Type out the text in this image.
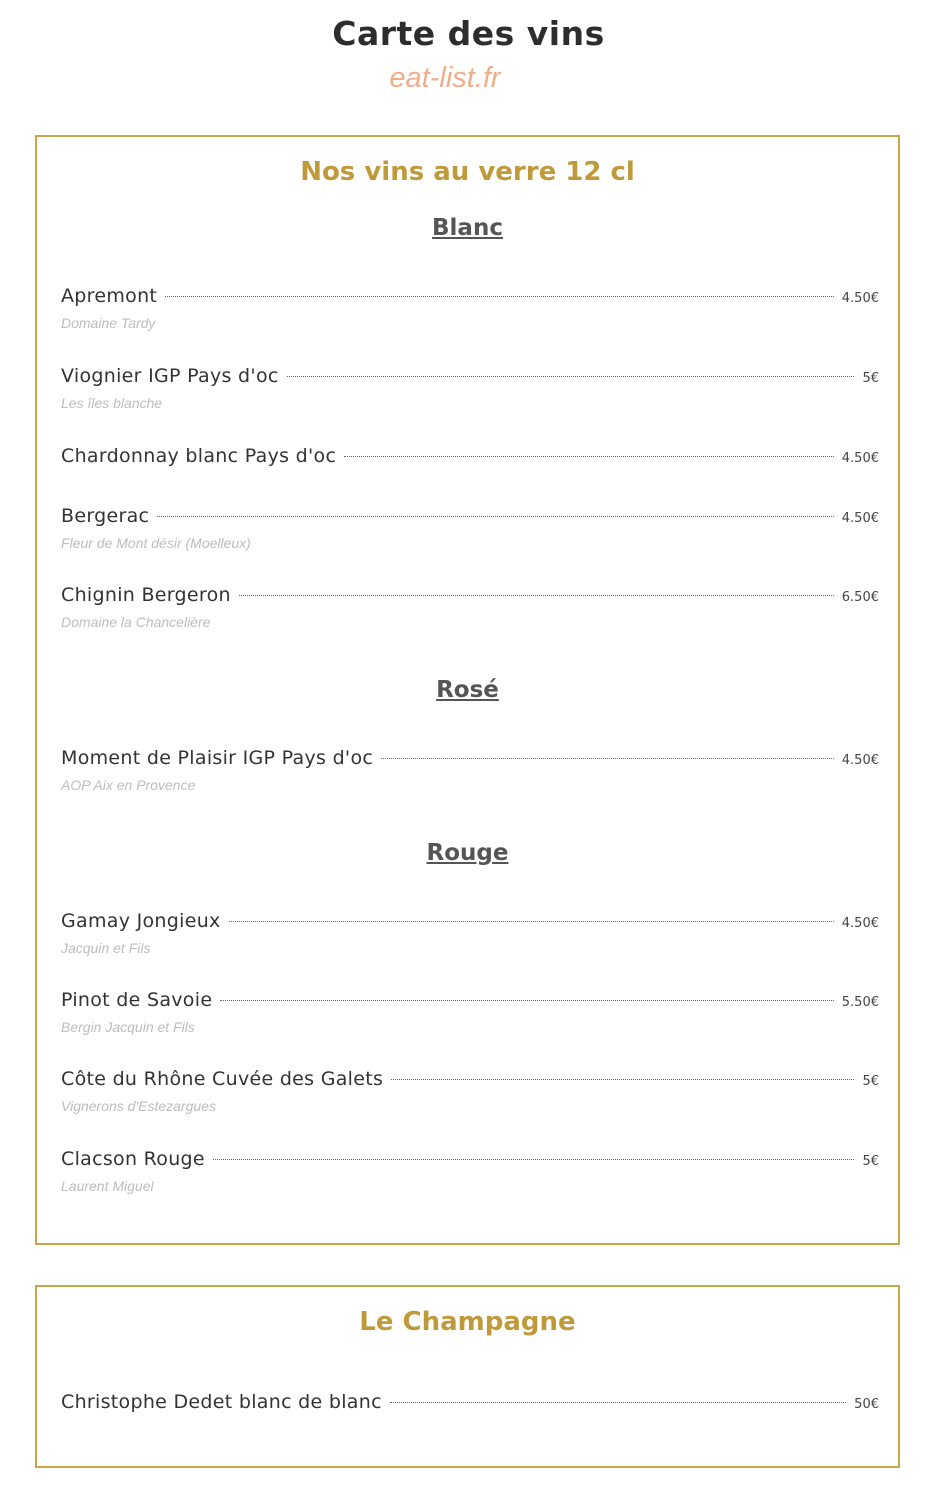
Carte des vins
eat-list.fr
Nos vins au verre 12 cl
Blanc
Apremont	4.50€
Domaine Tardy
Viognier IGP Pays d'oc	5€
Les îles blanche
Chardonnay blanc Pays d'oc	4.50€
Bergerac	4.50€
Fleur de Mont désir (Moelleux)
Chignin Bergeron	6.50€
Domaine la Chancelière
Rosé
Moment de Plaisir IGP Pays d'oc	4.50€
AOP Aix en Provence
Rouge
Gamay Jongieux	4.50€
Jacquin et Fils
Pinot de Savoie	5.50€
Bergin Jacquin et Fils
Côte du Rhône Cuvée des Galets	5€
Vignerons d'Estezargues
Clacson Rouge	5€
Laurent Miguel
Le Champagne
Christophe Dedet blanc de blanc	50€
